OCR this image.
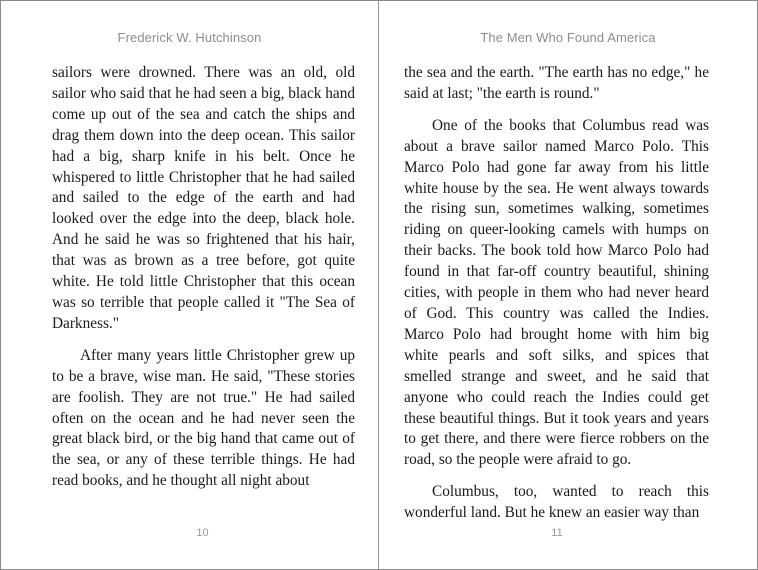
Frederick W. Hutchinson

sailors were drowned. There was an old, old sailor who said that he had seen a big, black hand come up out of the sea and catch the ships and drag them down into the deep ocean. This sailor had a big, sharp knife in his belt. Once he whispered to little Christopher that he had sailed and sailed to the edge of the earth and had looked over the edge into the deep, black hole. And he said he was so frightened that his hair, that was as brown as a tree before, got quite white. He told little Christopher that this ocean was so terrible that people called it "The Sea of Darkness."

After many years little Christopher grew up to be a brave, wise man. He said, "These stories are foolish. They are not true." He had sailed often on the ocean and he had never seen the great black bird, or the big hand that came out of the sea, or any of these terrible things. He had read books, and he thought all night about

10
The Men Who Found America

the sea and the earth. "The earth has no edge," he said at last; "the earth is round."

One of the books that Columbus read was about a brave sailor named Marco Polo. This Marco Polo had gone far away from his little white house by the sea. He went always towards the rising sun, sometimes walking, sometimes riding on queer-looking camels with humps on their backs. The book told how Marco Polo had found in that far-off country beautiful, shining cities, with people in them who had never heard of God. This country was called the Indies. Marco Polo had brought home with him big white pearls and soft silks, and spices that smelled strange and sweet, and he said that anyone who could reach the Indies could get these beautiful things. But it took years and years to get there, and there were fierce robbers on the road, so the people were afraid to go.

Columbus, too, wanted to reach this wonderful land. But he knew an easier way than

11
